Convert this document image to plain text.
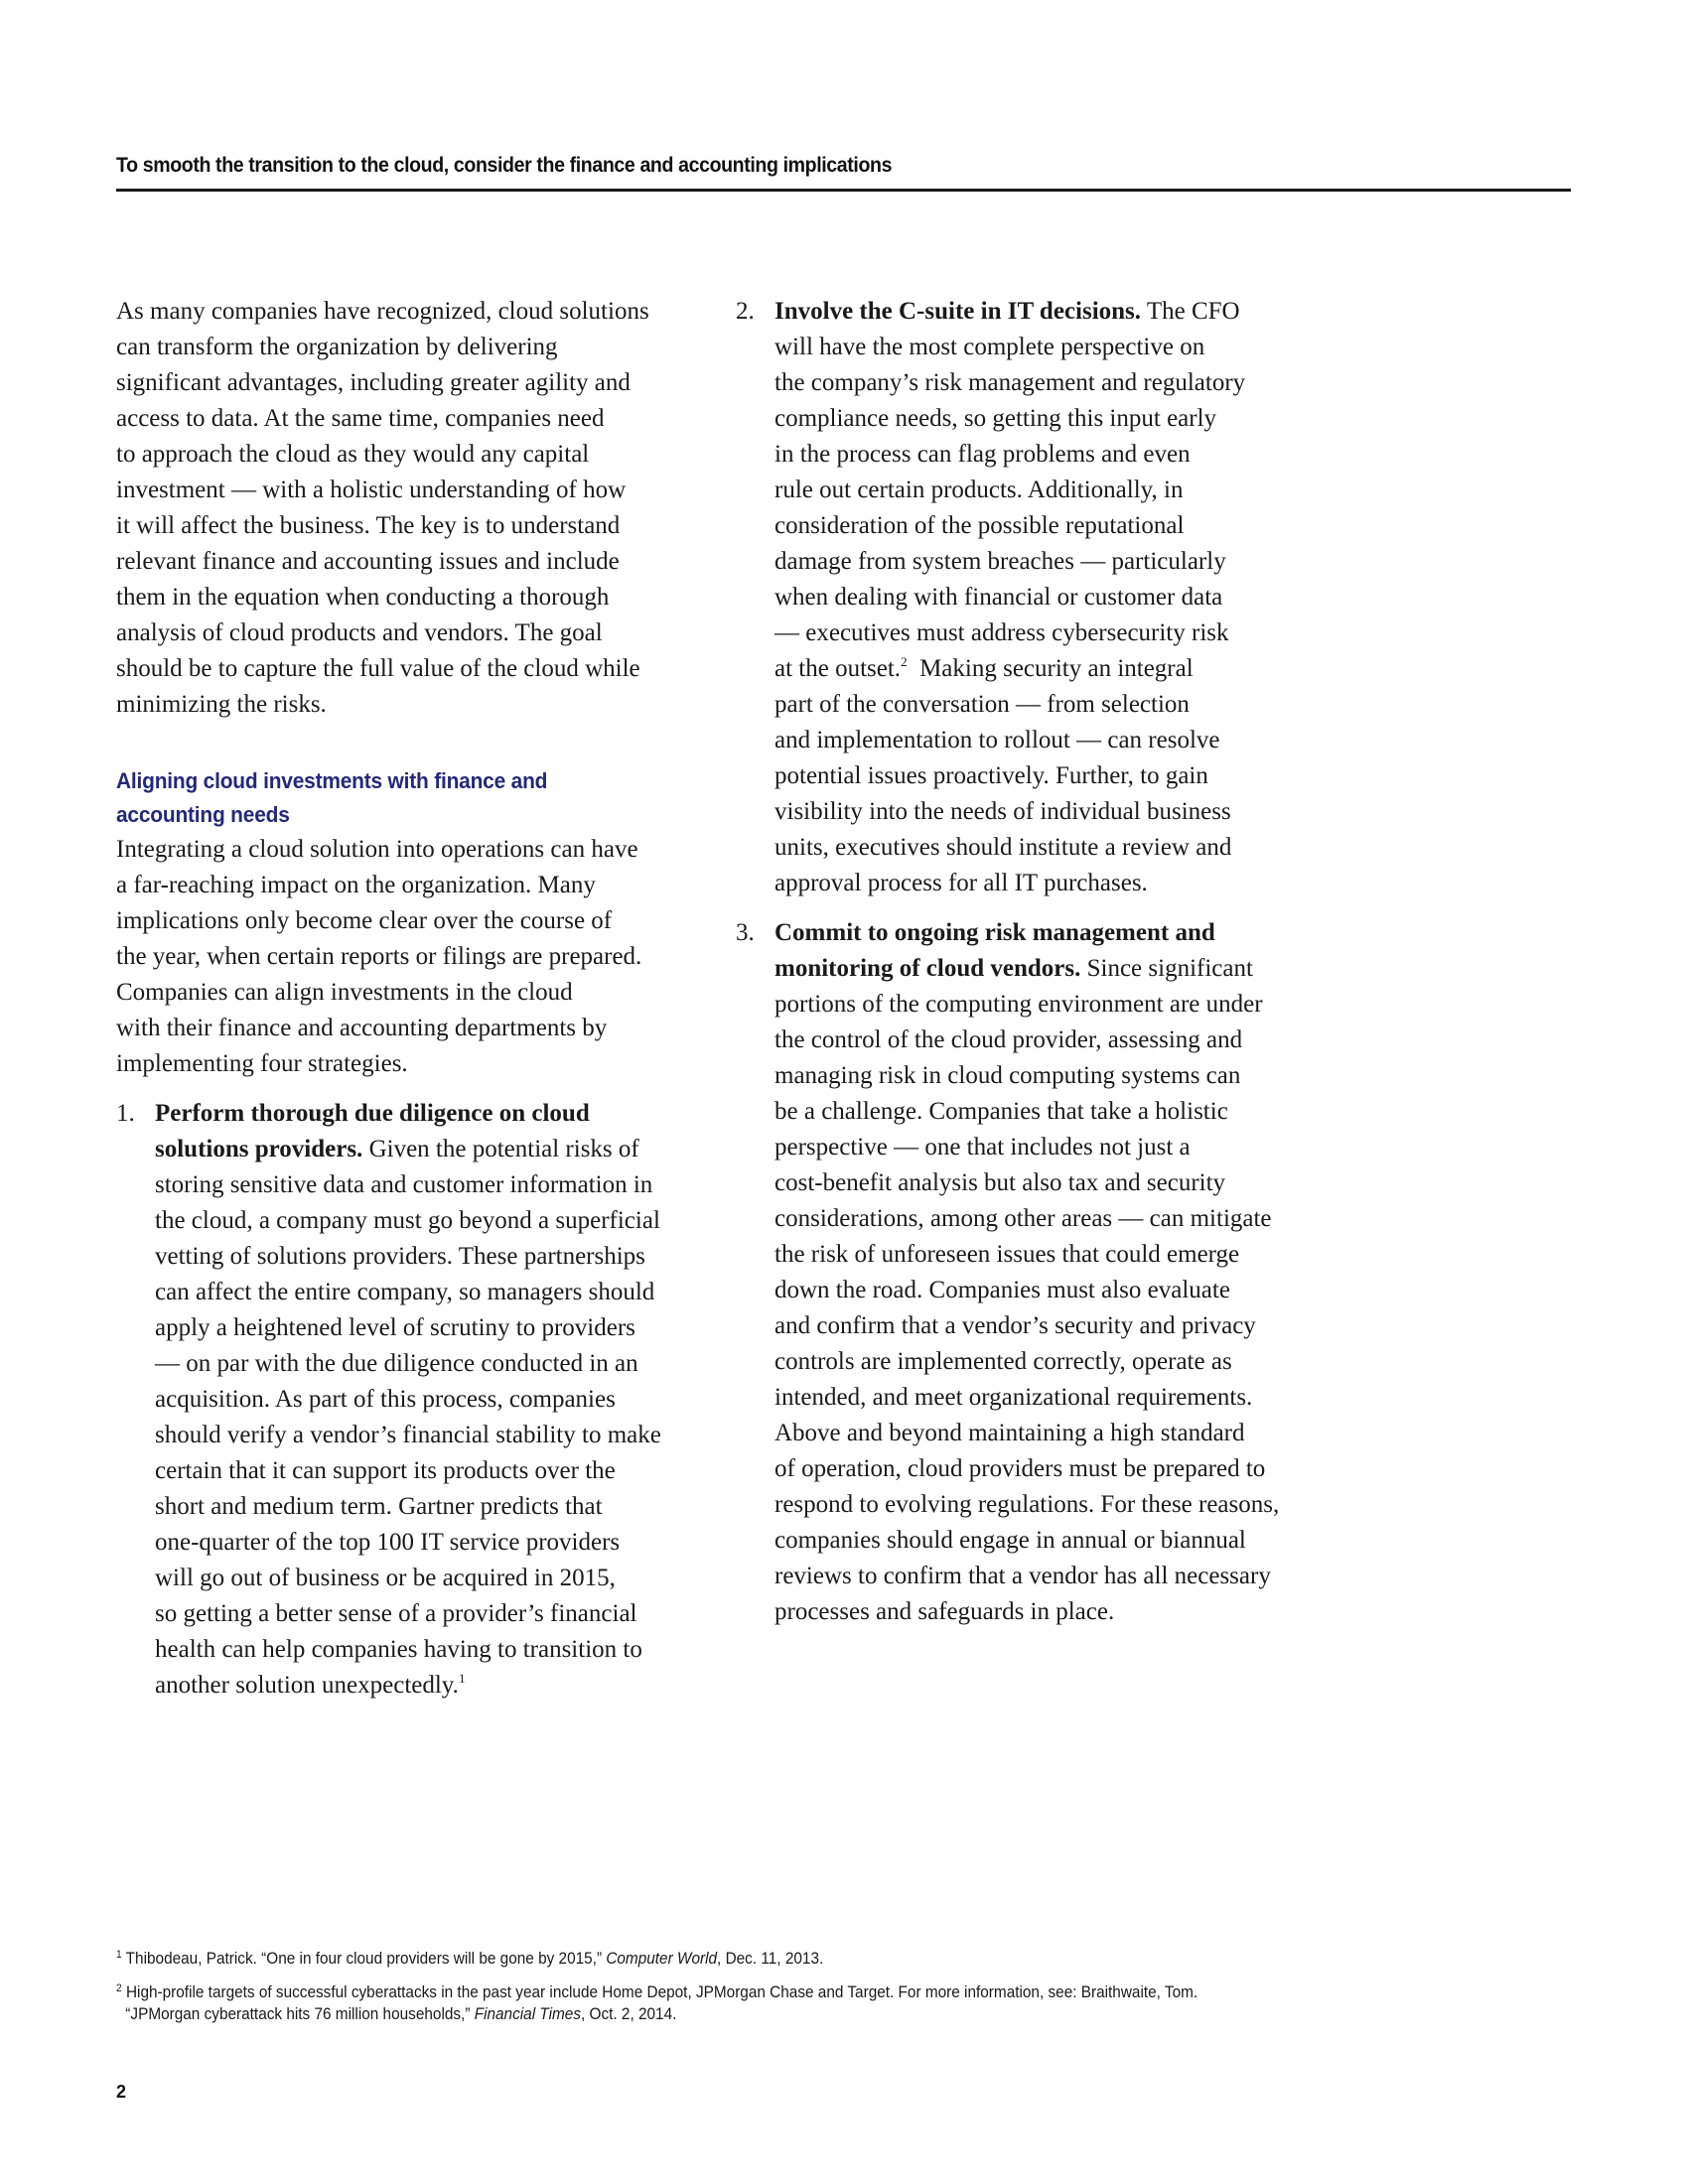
To smooth the transition to the cloud, consider the finance and accounting implications
As many companies have recognized, cloud solutions
can transform the organization by delivering
significant advantages, including greater agility and
access to data. At the same time, companies need
to approach the cloud as they would any capital
investment — with a holistic understanding of how
it will affect the business. The key is to understand
relevant finance and accounting issues and include
them in the equation when conducting a thorough
analysis of cloud products and vendors. The goal
should be to capture the full value of the cloud while
minimizing the risks.
Aligning cloud investments with finance and
accounting needs
Integrating a cloud solution into operations can have
a far-reaching impact on the organization. Many
implications only become clear over the course of
the year, when certain reports or filings are prepared.
Companies can align investments in the cloud
with their finance and accounting departments by
implementing four strategies.
1. Perform thorough due diligence on cloud
solutions providers. Given the potential risks of
storing sensitive data and customer information in
the cloud, a company must go beyond a superficial
vetting of solutions providers. These partnerships
can affect the entire company, so managers should
apply a heightened level of scrutiny to providers
— on par with the due diligence conducted in an
acquisition. As part of this process, companies
should verify a vendor’s financial stability to make
certain that it can support its products over the
short and medium term. Gartner predicts that
one-quarter of the top 100 IT service providers
will go out of business or be acquired in 2015,
so getting a better sense of a provider’s financial
health can help companies having to transition to
another solution unexpectedly.$^1$
2. Involve the C-suite in IT decisions. The CFO
will have the most complete perspective on
the company’s risk management and regulatory
compliance needs, so getting this input early
in the process can flag problems and even
rule out certain products. Additionally, in
consideration of the possible reputational
damage from system breaches — particularly
when dealing with financial or customer data
— executives must address cybersecurity risk
at the outset.$^2$  Making security an integral
part of the conversation — from selection
and implementation to rollout — can resolve
potential issues proactively. Further, to gain
visibility into the needs of individual business
units, executives should institute a review and
approval process for all IT purchases.
3. Commit to ongoing risk management and
monitoring of cloud vendors. Since significant
portions of the computing environment are under
the control of the cloud provider, assessing and
managing risk in cloud computing systems can
be a challenge. Companies that take a holistic
perspective — one that includes not just a
cost-benefit analysis but also tax and security
considerations, among other areas — can mitigate
the risk of unforeseen issues that could emerge
down the road. Companies must also evaluate
and confirm that a vendor’s security and privacy
controls are implemented correctly, operate as
intended, and meet organizational requirements.
Above and beyond maintaining a high standard
of operation, cloud providers must be prepared to
respond to evolving regulations. For these reasons,
companies should engage in annual or biannual
reviews to confirm that a vendor has all necessary
processes and safeguards in place.
$^1$ Thibodeau, Patrick. “One in four cloud providers will be gone by 2015,” Computer World, Dec. 11, 2013.
$^2$ High-profile targets of successful cyberattacks in the past year include Home Depot, JPMorgan Chase and Target. For more information, see: Braithwaite, Tom.
“JPMorgan cyberattack hits 76 million households,” Financial Times, Oct. 2, 2014.
2
